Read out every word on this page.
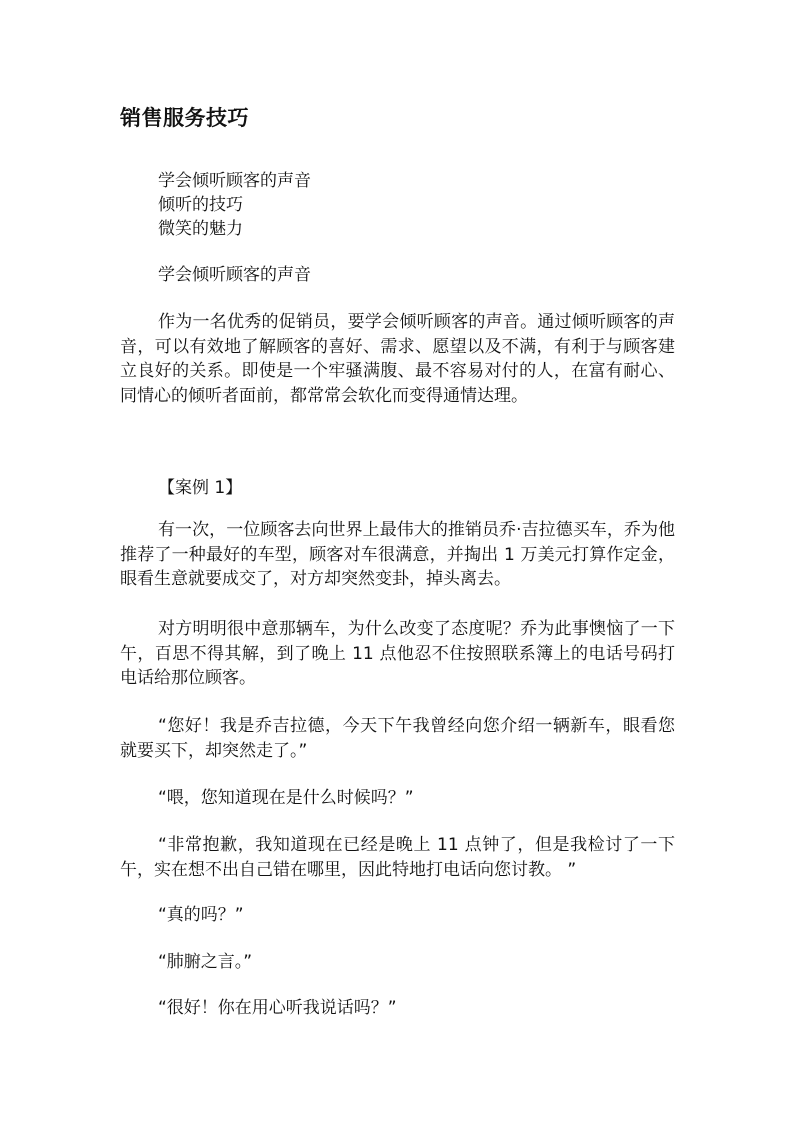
销售服务技巧
学会倾听顾客的声音
倾听的技巧
微笑的魅力
学会倾听顾客的声音

作为一名优秀的促销员，要学会倾听顾客的声音。通过倾听顾客的声音，可以有效地了解顾客的喜好、需求、愿望以及不满，有利于与顾客建立良好的关系。即使是一个牢骚满腹、最不容易对付的人，在富有耐心、同情心的倾听者面前，都常常会软化而变得通情达理。

【案例 1】

有一次，一位顾客去向世界上最伟大的推销员乔·吉拉德买车，乔为他推荐了一种最好的车型，顾客对车很满意，并掏出 1 万美元打算作定金，眼看生意就要成交了，对方却突然变卦，掉头离去。

对方明明很中意那辆车，为什么改变了态度呢？乔为此事懊恼了一下午，百思不得其解，到了晚上 11 点他忍不住按照联系簿上的电话号码打电话给那位顾客。

“您好！我是乔吉拉德，今天下午我曾经向您介绍一辆新车，眼看您就要买下，却突然走了。”

“喂，您知道现在是什么时候吗？”

“非常抱歉，我知道现在已经是晚上 11 点钟了，但是我检讨了一下午，实在想不出自己错在哪里，因此特地打电话向您讨教。 ”

“真的吗？”

“肺腑之言。”

“很好！你在用心听我说话吗？”
